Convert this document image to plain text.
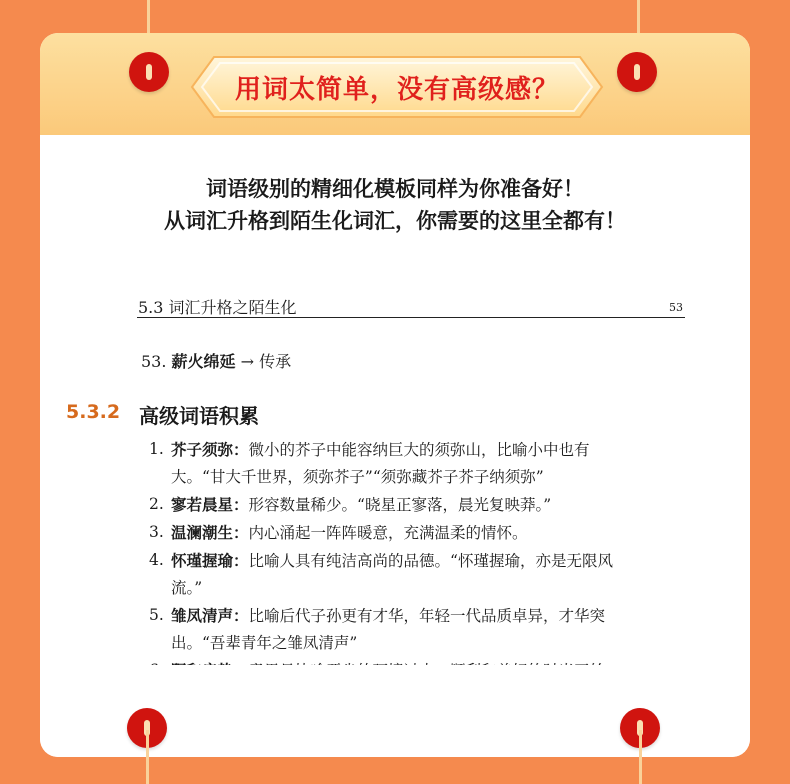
用词太简单，没有高级感？
词语级别的精细化模板同样为你准备好！
从词汇升格到陌生化词汇，你需要的这里全都有！
5.3 词汇升格之陌生化	53
53. 薪火绵延 → 传承
5.3.2 高级词语积累
1. 芥子须弥：微小的芥子中能容纳巨大的须弥山，比喻小中也有
大。“甘大千世界，须弥芥子”“须弥藏芥子芥子纳须弥”
2. 寥若晨星：形容数量稀少。“晓星正寥落，晨光复映莽。”
3. 温澜潮生：内心涌起一阵阵暖意，充满温柔的情怀。
4. 怀瑾握瑜：比喻人具有纯洁高尚的品德。“怀瑾握瑜，亦是无限风
流。”
5. 雏凤清声：比喻后代子孙更有才华，年轻一代品质卓异，才华突
出。“吾辈青年之雏凤清声”
